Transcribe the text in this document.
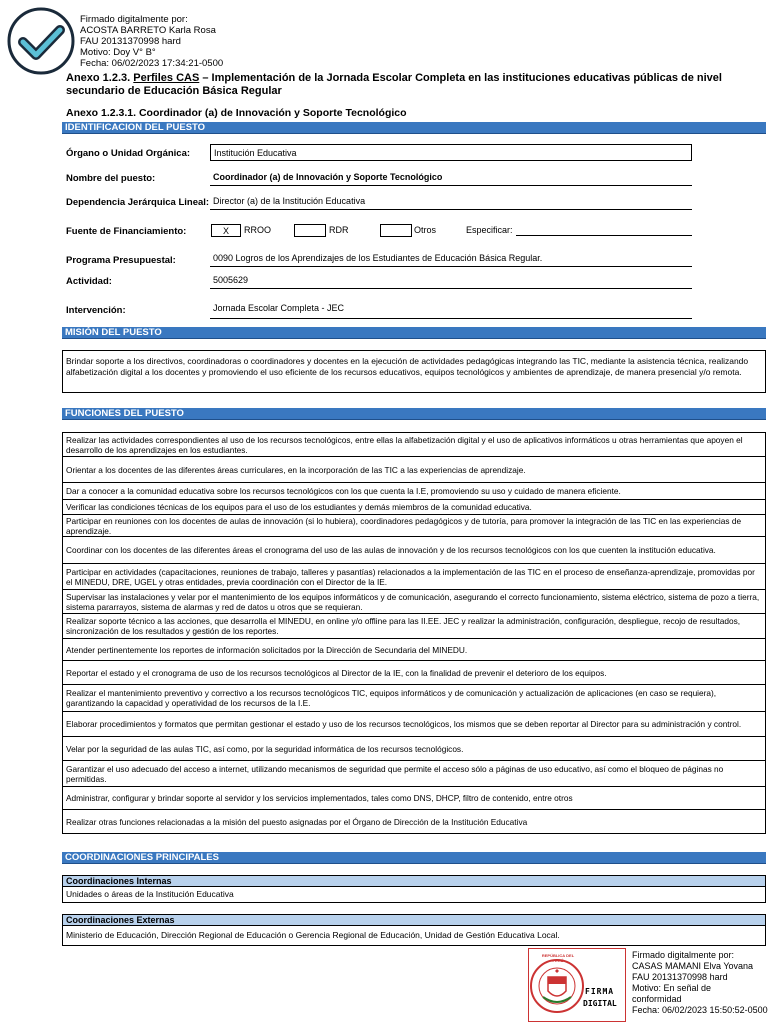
Firmado digitalmente por:
ACOSTA BARRETO Karla Rosa
FAU 20131370998 hard
Motivo: Doy V° B°
Fecha: 06/02/2023 17:34:21-0500
Anexo 1.2.3. Perfiles CAS – Implementación de la Jornada Escolar Completa en las instituciones educativas públicas de nivel secundario de Educación Básica Regular
Anexo 1.2.3.1. Coordinador (a) de Innovación y Soporte Tecnológico
IDENTIFICACION DEL PUESTO
Órgano o Unidad Orgánica:	Institución Educativa
Nombre del puesto:	Coordinador (a) de Innovación y Soporte Tecnológico
Dependencia Jerárquica Lineal: Director (a) de la Institución Educativa
Fuente de Financiamiento:	X	RROO	RDR	Otros	Especificar:
Programa Presupuestal:	0090 Logros de los Aprendizajes de los Estudiantes de Educación Básica Regular.
Actividad:	5005629
Intervención:	Jornada Escolar Completa - JEC
MISIÓN DEL PUESTO
Brindar soporte a los directivos, coordinadoras o coordinadores y docentes en la ejecución de actividades pedagógicas integrando las TIC, mediante la asistencia técnica, realizando alfabetización digital a los docentes y promoviendo el uso eficiente de los recursos educativos, equipos tecnológicos y ambientes de aprendizaje, de manera presencial y/o remota.
FUNCIONES DEL PUESTO
Realizar las actividades correspondientes al uso de los recursos tecnológicos, entre ellas la alfabetización digital y el uso de aplicativos informáticos u otras herramientas que apoyen el desarrollo de los aprendizajes en los estudiantes.
Orientar a los docentes de las diferentes áreas curriculares, en la incorporación de las TIC a las experiencias de aprendizaje.
Dar a conocer a la comunidad educativa sobre los recursos tecnológicos con los que cuenta la I.E, promoviendo su uso y cuidado de manera eficiente.
Verificar las condiciones técnicas de los equipos para el uso de los estudiantes y demás miembros de la comunidad educativa.
Participar en reuniones con los docentes de aulas de innovación (si lo hubiera), coordinadores pedagógicos y de tutoría, para promover la integración de las TIC en las experiencias de aprendizaje.
Coordinar con los docentes de las diferentes áreas el cronograma del uso de las aulas de innovación y de los recursos tecnológicos con los que cuenten la institución educativa.
Participar en actividades (capacitaciones, reuniones de trabajo, talleres y pasantías) relacionados a la implementación de las TIC en el proceso de enseñanza-aprendizaje, promovidas por el MINEDU, DRE, UGEL y otras entidades, previa coordinación con el Director de la IE.
Supervisar las instalaciones y velar por el mantenimiento de los equipos informáticos y de comunicación, asegurando el correcto funcionamiento, sistema eléctrico, sistema de pozo a tierra, sistema pararrayos, sistema de alarmas y red de datos u otros que se requieran.
Realizar soporte técnico a las acciones, que desarrolla el MINEDU, en online y/o offline para las II.EE. JEC y realizar la administración, configuración, despliegue, recojo de resultados, sincronización de los resultados y gestión de los reportes.
Atender pertinentemente los reportes de información solicitados por la Dirección de Secundaria del MINEDU.
Reportar el estado y el cronograma de uso de los recursos tecnológicos al Director de la IE, con la finalidad de prevenir el deterioro de los equipos.
Realizar el mantenimiento preventivo y correctivo a los recursos tecnológicos TIC, equipos informáticos y de comunicación y actualización de aplicaciones (en caso se requiera), garantizando la capacidad y operatividad de los recursos de la I.E.
Elaborar procedimientos y formatos que permitan gestionar el estado y uso de los recursos tecnológicos, los mismos que se deben reportar al Director para su administración y control.
Velar por la seguridad de las aulas TIC, así como, por la seguridad informática de los recursos tecnológicos.
Garantizar el uso adecuado del acceso a internet, utilizando mecanismos de seguridad que permite el acceso sólo a páginas de uso educativo, así como el bloqueo de páginas no permitidas.
Administrar, configurar y brindar soporte al servidor y los servicios implementados, tales como DNS, DHCP, filtro de contenido, entre otros
Realizar otras funciones relacionadas a la misión del puesto asignadas por el Órgano de Dirección de la Institución Educativa
COORDINACIONES PRINCIPALES
Coordinaciones Internas
Unidades o áreas de la Institución Educativa
Coordinaciones Externas
Ministerio de Educación, Dirección Regional de Educación o Gerencia Regional de Educación, Unidad de Gestión Educativa Local.
REPÚBLICA DEL PERÚ
FIRMA
DIGITAL
Firmado digitalmente por:
CASAS MAMANI Elva Yovana
FAU 20131370998 hard
Motivo: En señal de
conformidad
Fecha: 06/02/2023 15:50:52-0500
